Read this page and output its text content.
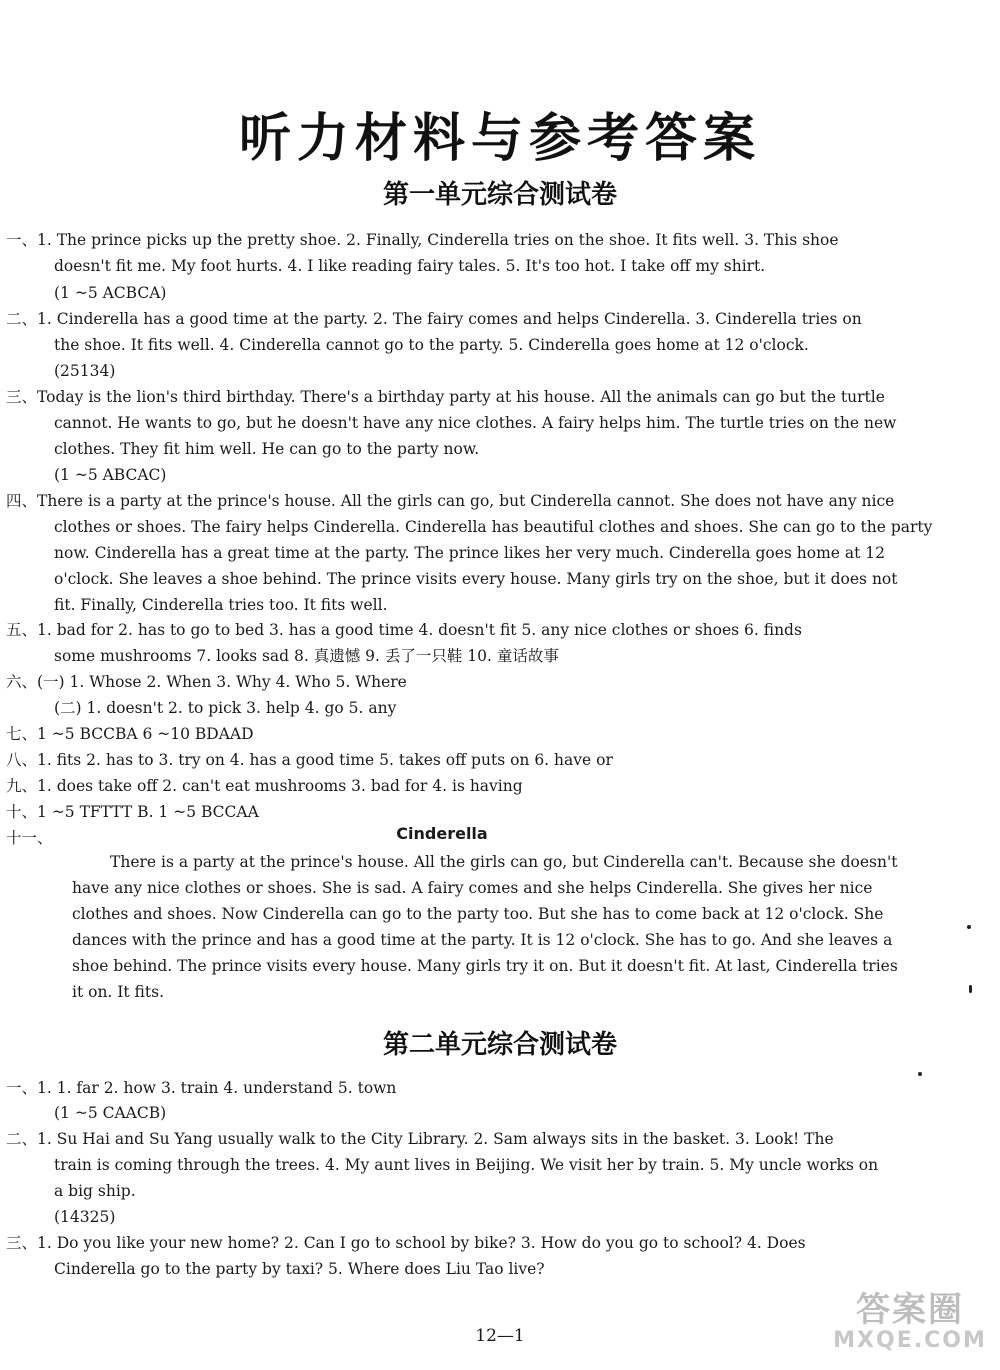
听力材料与参考答案
第一单元综合测试卷
一、1. The prince picks up the pretty shoe. 2. Finally, Cinderella tries on the shoe. It fits well. 3. This shoe
doesn't fit me. My foot hurts. 4. I like reading fairy tales. 5. It's too hot. I take off my shirt.
(1 ~5 ACBCA)
二、1. Cinderella has a good time at the party. 2. The fairy comes and helps Cinderella. 3. Cinderella tries on
the shoe. It fits well. 4. Cinderella cannot go to the party. 5. Cinderella goes home at 12 o'clock.
(25134)
三、Today is the lion's third birthday. There's a birthday party at his house. All the animals can go but the turtle
cannot. He wants to go, but he doesn't have any nice clothes. A fairy helps him. The turtle tries on the new
clothes. They fit him well. He can go to the party now.
(1 ~5 ABCAC)
四、There is a party at the prince's house. All the girls can go, but Cinderella cannot. She does not have any nice
clothes or shoes. The fairy helps Cinderella. Cinderella has beautiful clothes and shoes. She can go to the party
now. Cinderella has a great time at the party. The prince likes her very much. Cinderella goes home at 12
o'clock. She leaves a shoe behind. The prince visits every house. Many girls try on the shoe, but it does not
fit. Finally, Cinderella tries too. It fits well.
五、1. bad for 2. has to go to bed 3. has a good time 4. doesn't fit 5. any nice clothes or shoes 6. finds
some mushrooms 7. looks sad 8. 真遗憾 9. 丢了一只鞋 10. 童话故事
六、(一) 1. Whose 2. When 3. Why 4. Who 5. Where
(二) 1. doesn't 2. to pick 3. help 4. go 5. any
七、1 ~5 BCCBA 6 ~10 BDAAD
八、1. fits 2. has to 3. try on 4. has a good time 5. takes off puts on 6. have or
九、1. does take off 2. can't eat mushrooms 3. bad for 4. is having
十、1 ~5 TFTTT B. 1 ~5 BCCAA
十一、	Cinderella
There is a party at the prince's house. All the girls can go, but Cinderella can't. Because she doesn't
have any nice clothes or shoes. She is sad. A fairy comes and she helps Cinderella. She gives her nice
clothes and shoes. Now Cinderella can go to the party too. But she has to come back at 12 o'clock. She
dances with the prince and has a good time at the party. It is 12 o'clock. She has to go. And she leaves a
shoe behind. The prince visits every house. Many girls try it on. But it doesn't fit. At last, Cinderella tries
it on. It fits.
第二单元综合测试卷
一、1. 1. far 2. how 3. train 4. understand 5. town
(1 ~5 CAACB)
二、1. Su Hai and Su Yang usually walk to the City Library. 2. Sam always sits in the basket. 3. Look! The
train is coming through the trees. 4. My aunt lives in Beijing. We visit her by train. 5. My uncle works on
a big ship.
(14325)
三、1. Do you like your new home? 2. Can I go to school by bike? 3. How do you go to school? 4. Does
Cinderella go to the party by taxi? 5. Where does Liu Tao live?
12—1
答案圈
MXQE.COM
